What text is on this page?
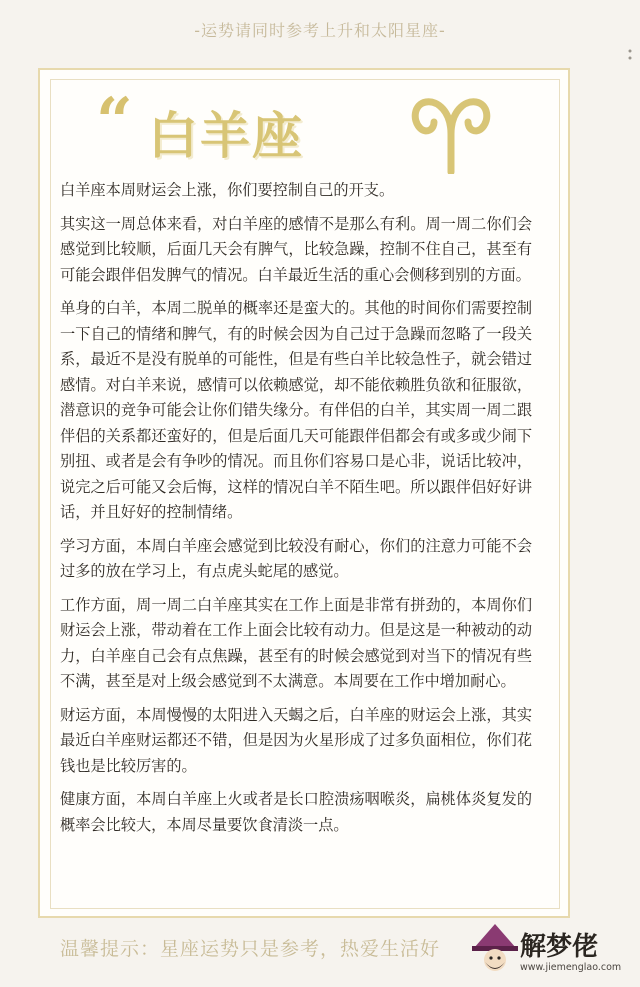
-运势请同时参考上升和太阳星座-
“ 白羊座

白羊座本周财运会上涨，你们要控制自己的开支。

其实这一周总体来看，对白羊座的感情不是那么有利。周一周二你们会感觉到比较顺，后面几天会有脾气，比较急躁，控制不住自己，甚至有可能会跟伴侣发脾气的情况。白羊最近生活的重心会侧移到别的方面。

单身的白羊，本周二脱单的概率还是蛮大的。其他的时间你们需要控制一下自己的情绪和脾气，有的时候会因为自己过于急躁而忽略了一段关系，最近不是没有脱单的可能性，但是有些白羊比较急性子，就会错过感情。对白羊来说，感情可以依赖感觉，却不能依赖胜负欲和征服欲，潜意识的竞争可能会让你们错失缘分。有伴侣的白羊，其实周一周二跟伴侣的关系都还蛮好的，但是后面几天可能跟伴侣都会有或多或少闹下别扭、或者是会有争吵的情况。而且你们容易口是心非，说话比较冲，说完之后可能又会后悔，这样的情况白羊不陌生吧。所以跟伴侣好好讲话，并且好好的控制情绪。

学习方面，本周白羊座会感觉到比较没有耐心，你们的注意力可能不会过多的放在学习上，有点虎头蛇尾的感觉。

工作方面，周一周二白羊座其实在工作上面是非常有拼劲的，本周你们财运会上涨，带动着在工作上面会比较有动力。但是这是一种被动的动力，白羊座自己会有点焦躁，甚至有的时候会感觉到对当下的情况有些不满，甚至是对上级会感觉到不太满意。本周要在工作中增加耐心。

财运方面，本周慢慢的太阳进入天蝎之后，白羊座的财运会上涨，其实最近白羊座财运都还不错，但是因为火星形成了过多负面相位，你们花钱也是比较厉害的。

健康方面，本周白羊座上火或者是长口腔溃疡咽喉炎，扁桃体炎复发的概率会比较大，本周尽量要饮食清淡一点。

温馨提示：星座运势只是参考，热爱生活好	解梦佬
www.jiemenglao.com
